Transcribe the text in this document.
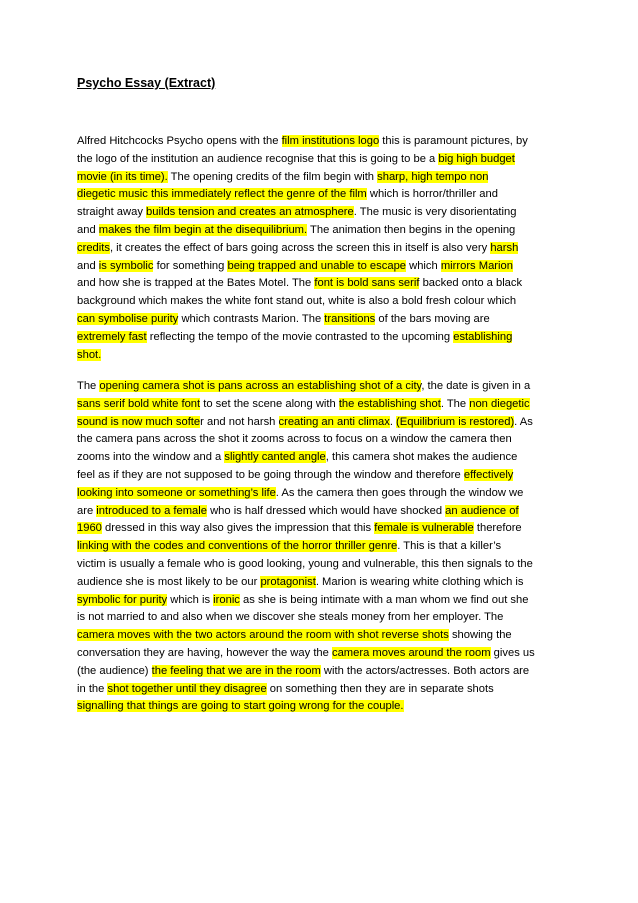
Psycho Essay (Extract)

Alfred Hitchcocks Psycho opens with the film institutions logo this is paramount pictures, by
the logo of the institution an audience recognise that this is going to be a big high budget
movie (in its time). The opening credits of the film begin with sharp, high tempo non
diegetic music this immediately reflect the genre of the film which is horror/thriller and
straight away builds tension and creates an atmosphere. The music is very disorientating
and makes the film begin at the disequilibrium. The animation then begins in the opening
credits, it creates the effect of bars going across the screen this in itself is also very harsh
and is symbolic for something being trapped and unable to escape which mirrors Marion
and how she is trapped at the Bates Motel. The font is bold sans serif backed onto a black
background which makes the white font stand out, white is also a bold fresh colour which
can symbolise purity which contrasts Marion. The transitions of the bars moving are
extremely fast reflecting the tempo of the movie contrasted to the upcoming establishing
shot.

The opening camera shot is pans across an establishing shot of a city, the date is given in a
sans serif bold white font to set the scene along with the establishing shot. The non diegetic
sound is now much softer and not harsh creating an anti climax. (Equilibrium is restored). As
the camera pans across the shot it zooms across to focus on a window the camera then
zooms into the window and a slightly canted angle, this camera shot makes the audience
feel as if they are not supposed to be going through the window and therefore effectively
looking into someone or something’s life. As the camera then goes through the window we
are introduced to a female who is half dressed which would have shocked an audience of
1960 dressed in this way also gives the impression that this female is vulnerable therefore
linking with the codes and conventions of the horror thriller genre. This is that a killer’s
victim is usually a female who is good looking, young and vulnerable, this then signals to the
audience she is most likely to be our protagonist. Marion is wearing white clothing which is
symbolic for purity which is ironic as she is being intimate with a man whom we find out she
is not married to and also when we discover she steals money from her employer. The
camera moves with the two actors around the room with shot reverse shots showing the
conversation they are having, however the way the camera moves around the room gives us
(the audience) the feeling that we are in the room with the actors/actresses. Both actors are
in the shot together until they disagree on something then they are in separate shots
signalling that things are going to start going wrong for the couple.
